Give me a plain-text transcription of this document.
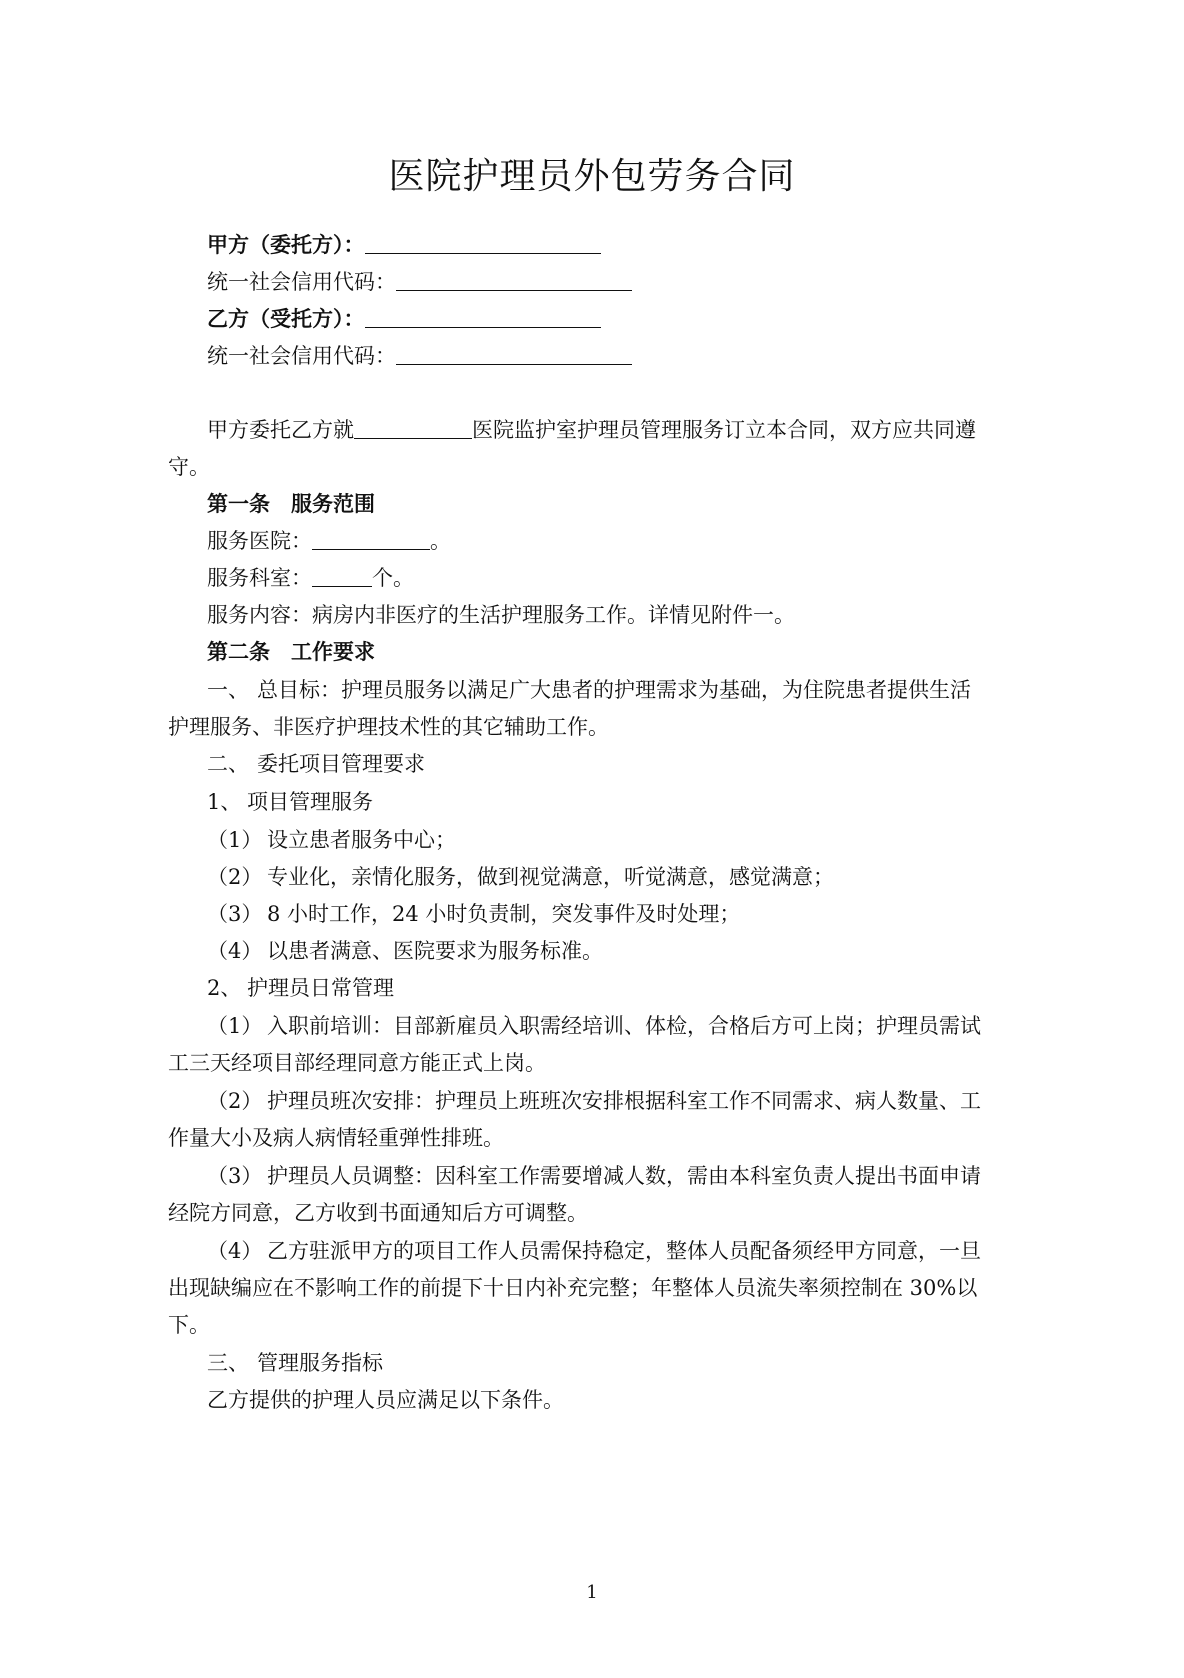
医院护理员外包劳务合同
甲方（委托方）：
统一社会信用代码：
乙方（受托方）：
统一社会信用代码：
甲方委托乙方就	医院监护室护理员管理服务订立本合同，双方应共同遵
守。
第一条　服务范围
服务医院：	。
服务科室：	个。
服务内容：病房内非医疗的生活护理服务工作。详情见附件一。
第二条　工作要求
一、 总目标：护理员服务以满足广大患者的护理需求为基础，为住院患者提供生活
护理服务、非医疗护理技术性的其它辅助工作。
二、 委托项目管理要求
1、 项目管理服务
（1） 设立患者服务中心；
（2） 专业化，亲情化服务，做到视觉满意，听觉满意，感觉满意；
（3） 8 小时工作，24 小时负责制，突发事件及时处理；
（4） 以患者满意、医院要求为服务标准。
2、 护理员日常管理
（1） 入职前培训：目部新雇员入职需经培训、体检，合格后方可上岗；护理员需试
工三天经项目部经理同意方能正式上岗。
（2） 护理员班次安排：护理员上班班次安排根据科室工作不同需求、病人数量、工
作量大小及病人病情轻重弹性排班。
（3） 护理员人员调整：因科室工作需要增减人数，需由本科室负责人提出书面申请
经院方同意，乙方收到书面通知后方可调整。
（4） 乙方驻派甲方的项目工作人员需保持稳定，整体人员配备须经甲方同意，一旦
出现缺编应在不影响工作的前提下十日内补充完整；年整体人员流失率须控制在 30%以
下。
三、 管理服务指标
乙方提供的护理人员应满足以下条件。
1
